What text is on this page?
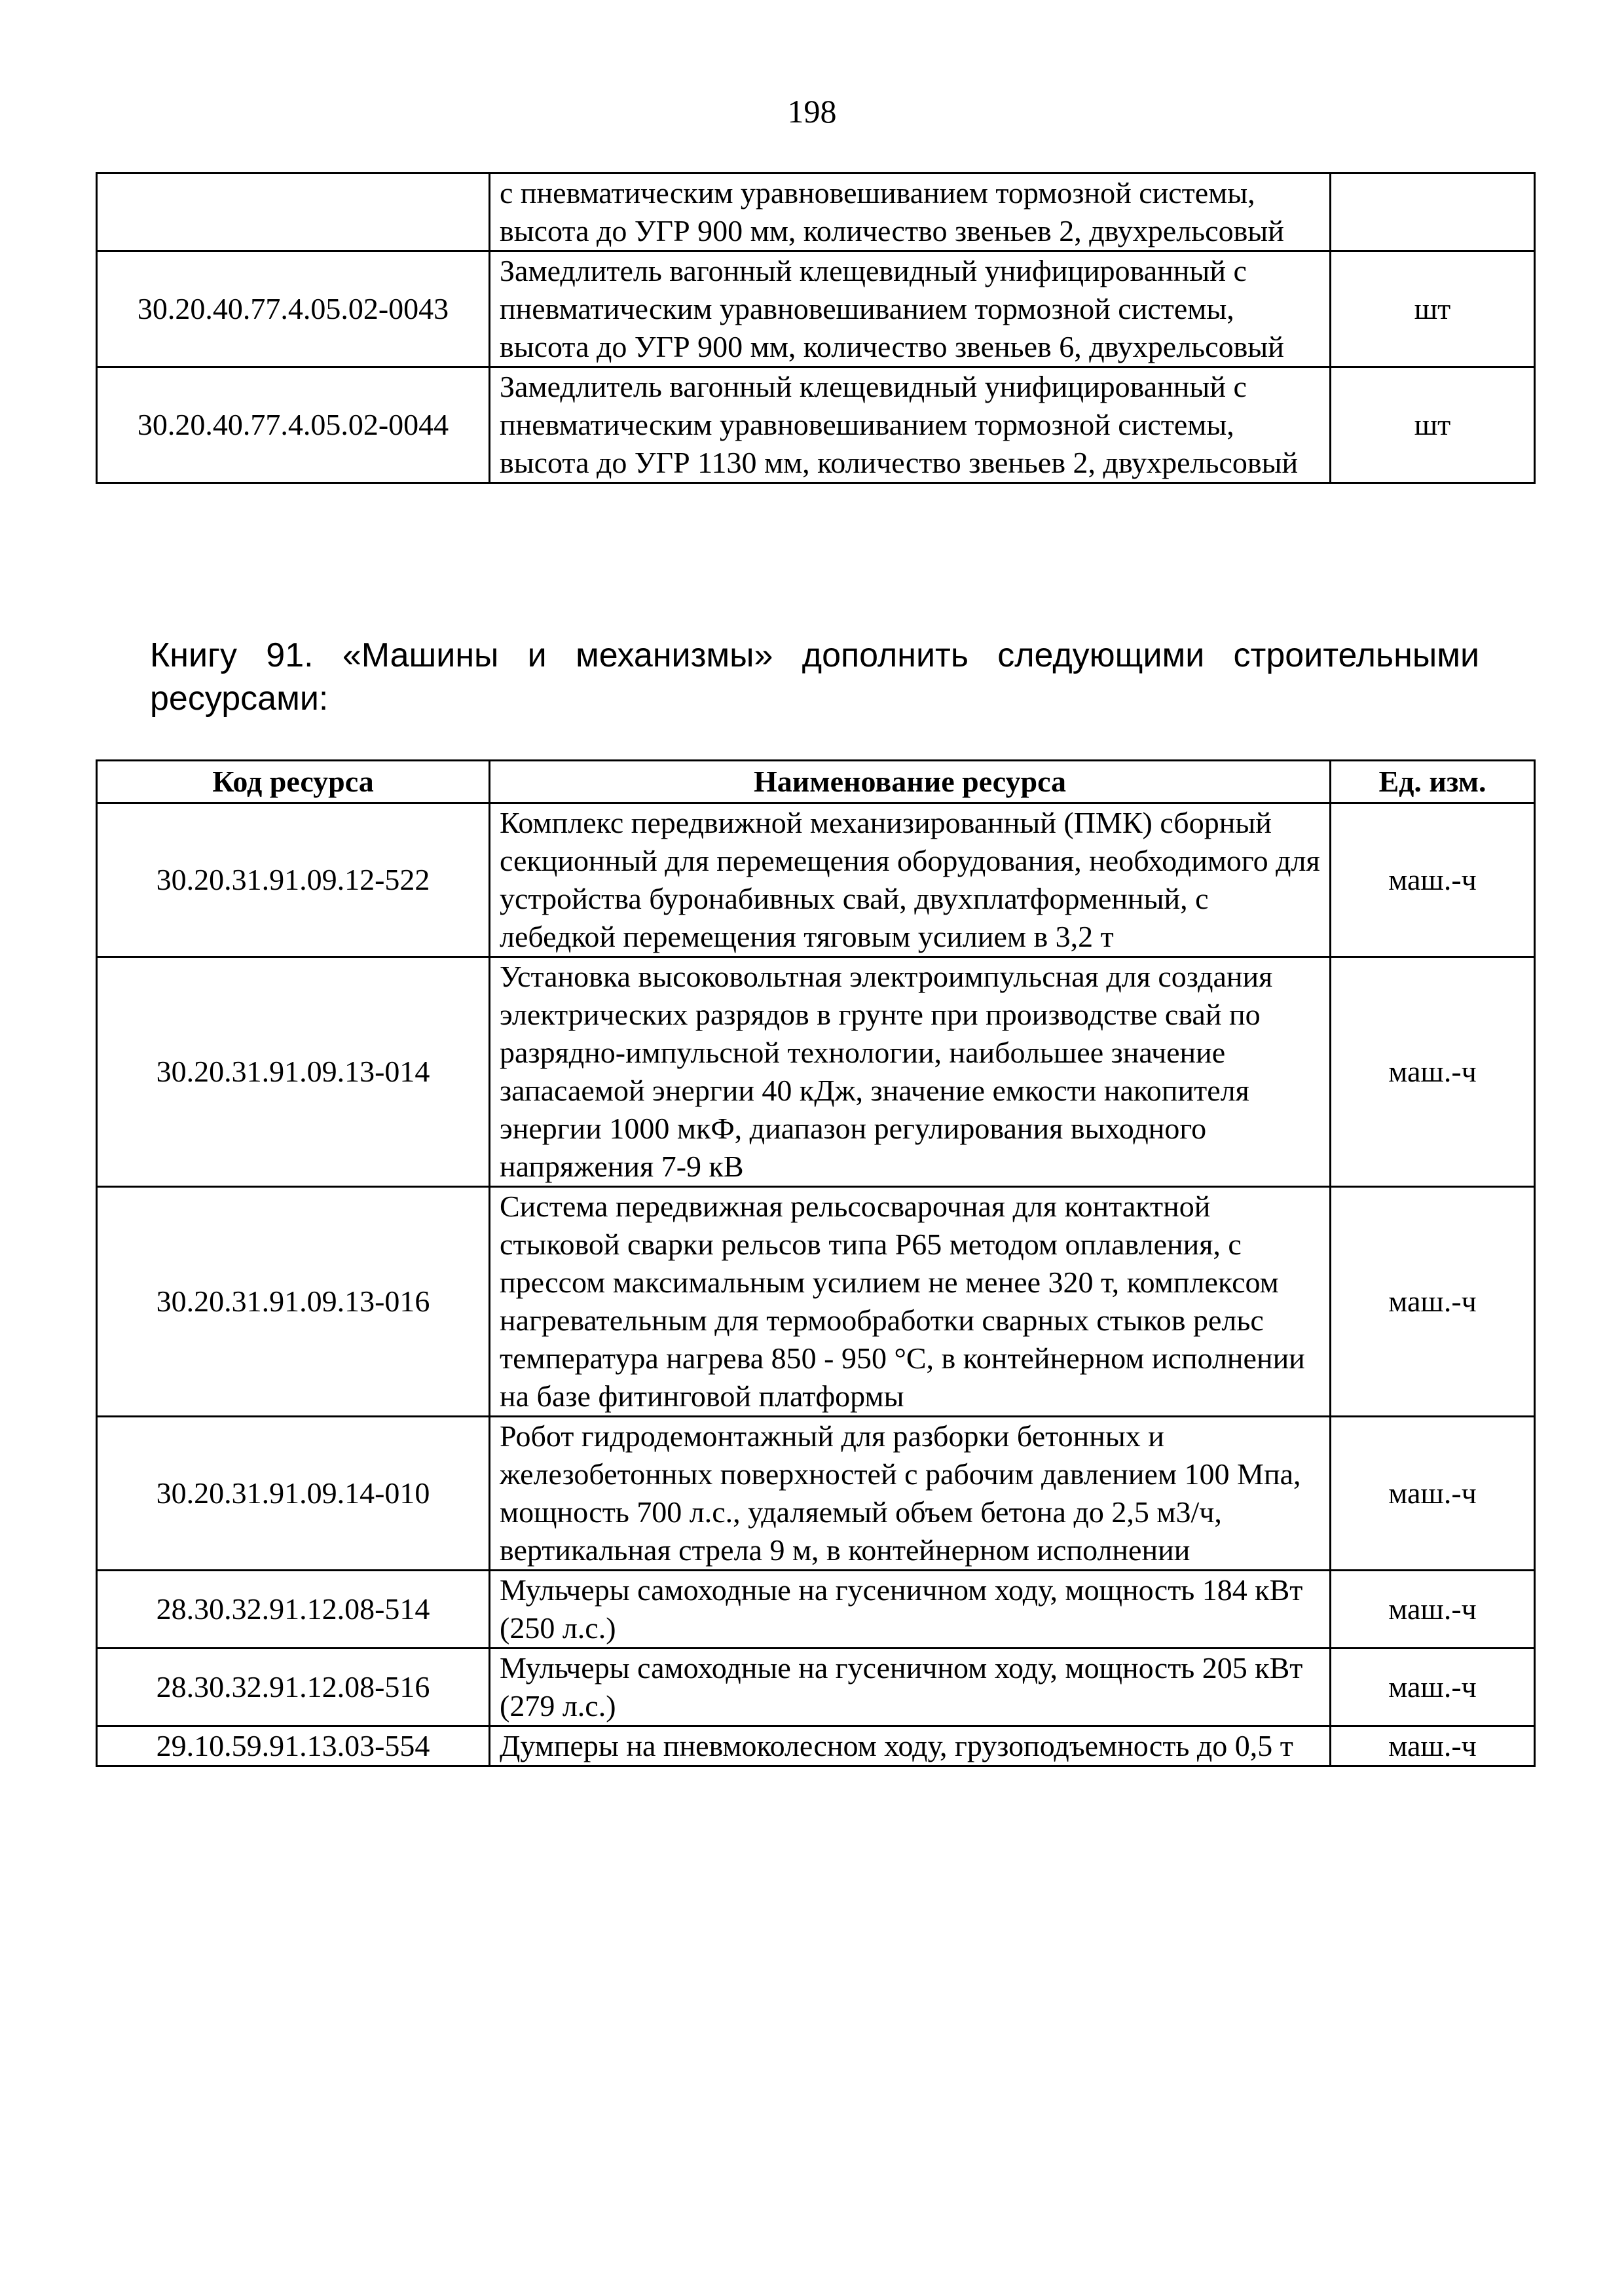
198
	с пневматическим уравновешиванием тормозной системы, высота до УГР 900 мм, количество звеньев 2, двухрельсовый	
30.20.40.77.4.05.02-0043	Замедлитель вагонный клещевидный унифицированный с пневматическим уравновешиванием тормозной системы, высота до УГР 900 мм, количество звеньев 6, двухрельсовый	шт
30.20.40.77.4.05.02-0044	Замедлитель вагонный клещевидный унифицированный с пневматическим уравновешиванием тормозной системы, высота до УГР 1130 мм, количество звеньев 2, двухрельсовый	шт

Книгу 91. «Машины и механизмы» дополнить следующими строительными ресурсами:

Код ресурса	Наименование ресурса	Ед. изм.
30.20.31.91.09.12-522	Комплекс передвижной механизированный (ПМК) сборный секционный для перемещения оборудования, необходимого для устройства буронабивных свай, двухплатформенный, с лебедкой перемещения тяговым усилием в 3,2 т	маш.-ч
30.20.31.91.09.13-014	Установка высоковольтная электроимпульсная для создания электрических разрядов в грунте при производстве свай по разрядно-импульсной технологии, наибольшее значение запасаемой энергии 40 кДж, значение емкости накопителя энергии 1000 мкФ, диапазон регулирования выходного напряжения 7-9 кВ	маш.-ч
30.20.31.91.09.13-016	Система передвижная рельсосварочная для контактной стыковой сварки рельсов типа Р65 методом оплавления, с прессом максимальным усилием не менее 320 т, комплексом нагревательным для термообработки сварных стыков рельс температура нагрева 850 - 950 °С, в контейнерном исполнении на базе фитинговой платформы	маш.-ч
30.20.31.91.09.14-010	Робот гидродемонтажный для разборки бетонных и железобетонных поверхностей с рабочим давлением 100 Мпа, мощность 700 л.с., удаляемый объем бетона до 2,5 м3/ч, вертикальная стрела 9 м, в контейнерном исполнении	маш.-ч
28.30.32.91.12.08-514	Мульчеры самоходные на гусеничном ходу, мощность 184 кВт (250 л.с.)	маш.-ч
28.30.32.91.12.08-516	Мульчеры самоходные на гусеничном ходу, мощность 205 кВт (279 л.с.)	маш.-ч
29.10.59.91.13.03-554	Думперы на пневмоколесном ходу, грузоподъемность до 0,5 т	маш.-ч
